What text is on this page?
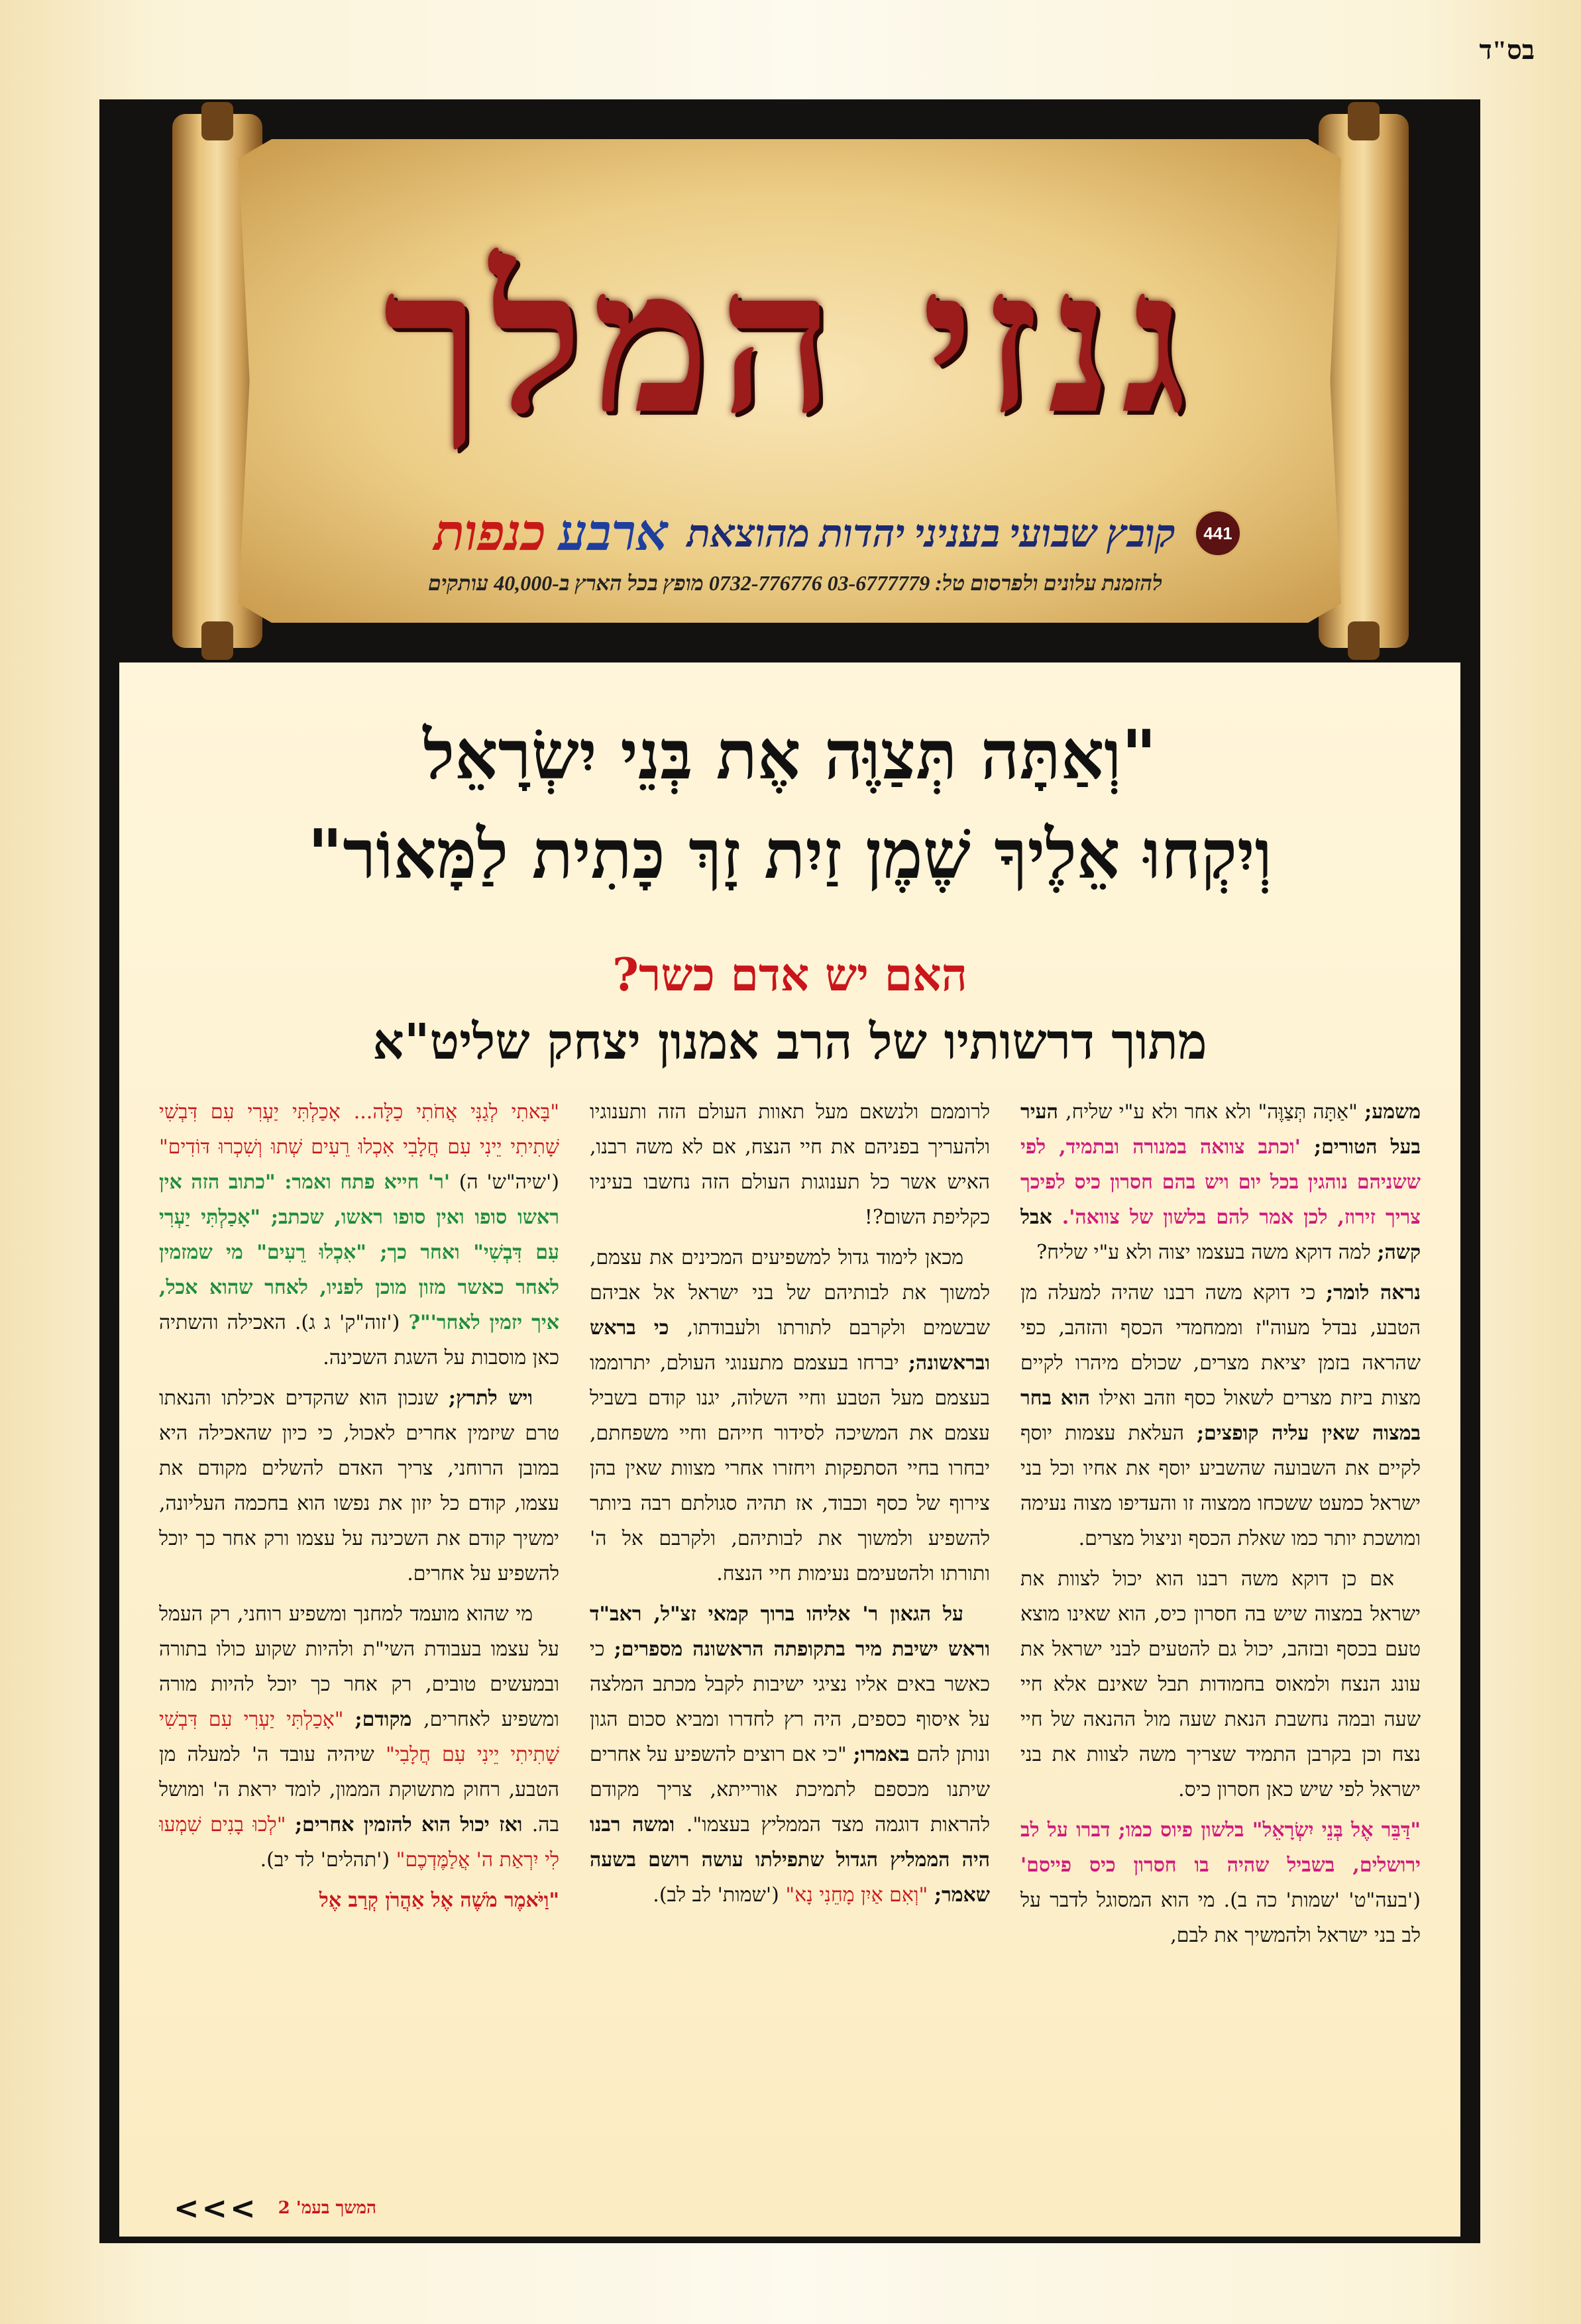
בס"ד
גנזי המלך
441
קובץ שבועי בעניני יהדות מהוצאת
ארבע כנפות
להזמנת עלונים ולפרסום טל: 03-6777779 0732-776776 מופץ בכל הארץ ב-40,000 עותקים
"וְאַתָּה תְּצַוֶּה אֶת בְּנֵי יִשְׂרָאֵל
וְיִקְחוּ אֵלֶיךָ שֶׁמֶן זַיִת זָךְ כָּתִית לַמָּאוֹר"
האם יש אדם כשר?
מתוך דרשותיו של הרב אמנון יצחק שליט"א

משמע; "אַתָּה תְּצַוֶּה" ולא אחר ולא ע"י שליח, העיר בעל הטורים; 'וכתב צוואה במנורה ובתמיד, לפי ששניהם נוהגין בכל יום ויש בהם חסרון כיס לפיכך צריך זירוז, לכן אמר להם בלשון של צוואה'. אבל קשה; למה דוקא משה בעצמו יצוה ולא ע"י שליח?

נראה לומר; כי דוקא משה רבנו שהיה למעלה מן הטבע, נבדל מעוה"ז וממחמדי הכסף והזהב, כפי שהראה בזמן יציאת מצרים, שכולם מיהרו לקיים מצות ביזת מצרים לשאול כסף וזהב ואילו הוא בחר במצוה שאין עליה קופצים; העלאת עצמות יוסף לקיים את השבועה שהשביע יוסף את אחיו וכל בני ישראל כמעט ששכחו ממצוה זו והעדיפו מצוה נעימה ומושכת יותר כמו שאלת הכסף וניצול מצרים.

אם כן דוקא משה רבנו הוא יכול לצוות את ישראל במצוה שיש בה חסרון כיס, הוא שאינו מוצא טעם בכסף ובזהב, יכול גם להטעים לבני ישראל את עונג הנצח ולמאוס בחמודות תבל שאינם אלא חיי שעה ובמה נחשבת הנאת שעה מול ההנאה של חיי נצח וכן בקרבן התמיד שצריך משה לצוות את בני ישראל לפי שיש כאן חסרון כיס.

"דַּבֵּר אֶל בְּנֵי יִשְׂרָאֵל" בלשון פיוס כמו; דברו על לב ירושלים, בשביל שהיה בו חסרון כיס פייסם' ('בעה"ט' 'שמות' כה ב). מי הוא המסוגל לדבר על לב בני ישראל ולהמשיך את לבם,

לרוממם ולנשאם מעל תאוות העולם הזה ותענוגיו ולהעריך בפניהם את חיי הנצח, אם לא משה רבנו, האיש אשר כל תענוגות העולם הזה נחשבו בעיניו כקליפת השום?!

מכאן לימוד גדול למשפיעים המכינים את עצמם, למשוך את לבותיהם של בני ישראל אל אביהם שבשמים ולקרבם לתורתו ולעבודתו, כי בראש ובראשונה; יברחו בעצמם מתענוגי העולם, יתרוממו בעצמם מעל הטבע וחיי השלוה, יגנו קודם בשביל עצמם את המשיכה לסידור חייהם וחיי משפחתם, יבחרו בחיי הסתפקות ויחזרו אחרי מצוות שאין בהן צירוף של כסף וכבוד, אז תהיה סגולתם רבה ביותר להשפיע ולמשוך את לבותיהם, ולקרבם אל ה' ותורתו ולהטעימם נעימות חיי הנצח.

על הגאון ר' אליהו ברוך קמאי זצ"ל, ראב"ד וראש ישיבת מיר בתקופתה הראשונה מספרים; כי כאשר באים אליו נציגי ישיבות לקבל מכתב המלצה על איסוף כספים, היה רץ לחדרו ומביא סכום הגון ונותן להם באמרו; "כי אם רוצים להשפיע על אחרים שיתנו מכספם לתמיכת אורייתא, צריך מקודם להראות דוגמה מצד הממליץ בעצמו". ומשה רבנו היה הממליץ הגדול שתפילתו עושה רושם בשעה שאמר; "וְאִם אַיִן מָחֵנִי נָא" ('שמות' לב לב).

"בָּאתִי לְגַנִּי אֲחֹתִי כַלָּה... אָכַלְתִּי יַעְרִי עִם דִּבְשִׁי שָׁתִיתִי יֵינִי עִם חֲלָבִי אִכְלוּ רֵעִים שְׁתוּ וְשִׁכְרוּ דּוֹדִים" ('שיה"ש' ה) 'ר' חייא פתח ואמר: "כתוב הזה אין ראשו סופו ואין סופו ראשו, שכתב; "אָכַלְתִּי יַעְרִי עִם דִּבְשִׁי" ואחר כך; "אִכְלוּ רֵעִים" מי שמזמין לאחר כאשר מזון מוכן לפניו, לאחר שהוא אכל, איך יזמין לאחר'"? ('זוה"ק' ג ג). האכילה והשתיה כאן מוסבות על השגת השכינה.

ויש לתרץ; שנכון הוא שהקדים אכילתו והנאתו טרם שיזמין אחרים לאכול, כי כיון שהאכילה היא במובן הרוחני, צריך האדם להשלים מקודם את עצמו, קודם כל יזון את נפשו הוא בחכמה העליונה, ימשיך קודם את השכינה על עצמו ורק אחר כך יוכל להשפיע על אחרים.

מי שהוא מועמד למחנך ומשפיע רוחני, רק העמל על עצמו בעבודת השי"ת ולהיות שקוע כולו בתורה ובמעשים טובים, רק אחר כך יוכל להיות מורה ומשפיע לאחרים, מקודם; "אָכַלְתִּי יַעְרִי עִם דִּבְשִׁי שָׁתִיתִי יֵינִי עִם חֲלָבִי" שיהיה עובד ה' למעלה מן הטבע, רחוק מתשוקת הממון, לומד יראת ה' ומושל בה. ואז יכול הוא להזמין אחרים; "לְכוּ בָנִים שִׁמְעוּ לִי יִרְאַת ה' אֲלַמֶּדְכֶם" ('תהלים' לד יב).

"וַיֹּאמֶר מֹשֶׁה אֶל אַהֲרֹן קְרַב אֶל

<<< המשך בעמ' 2
